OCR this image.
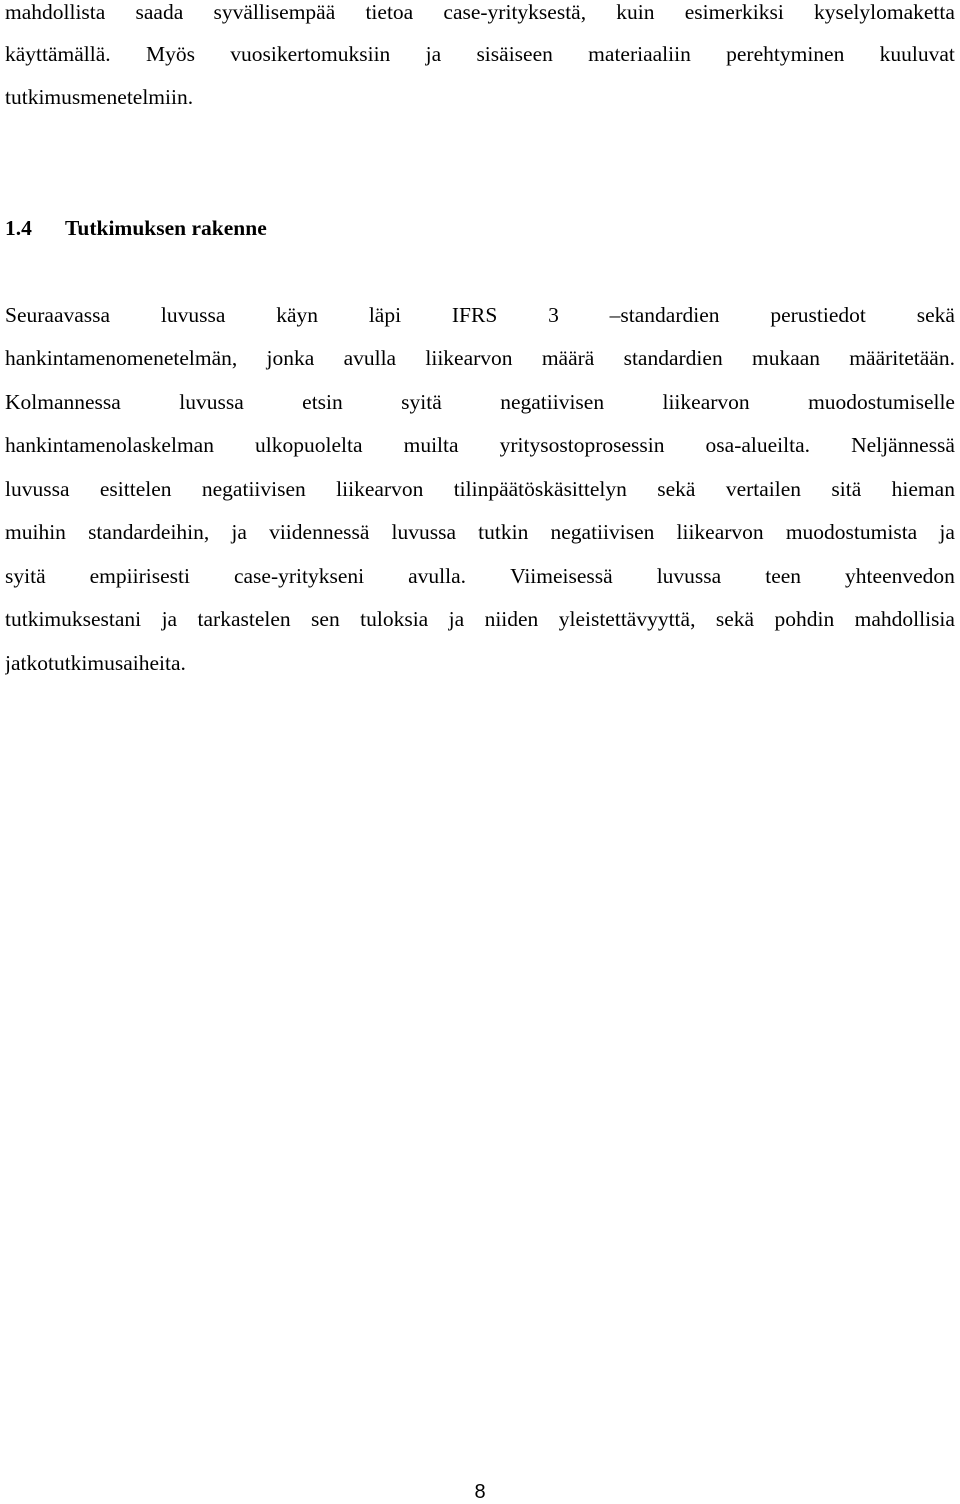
mahdollista saada syvällisempää tietoa case-yrityksestä, kuin esimerkiksi kyselylomaketta
käyttämällä. Myös vuosikertomuksiin ja sisäiseen materiaaliin perehtyminen kuuluvat
tutkimusmenetelmiin.
1.4 Tutkimuksen rakenne
Seuraavassa luvussa käyn läpi IFRS 3 –standardien perustiedot sekä
hankintamenomenetelmän, jonka avulla liikearvon määrä standardien mukaan määritetään.
Kolmannessa	luvussa	etsin	syitä	negatiivisen	liikearvon	muodostumiselle
hankintamenolaskelman ulkopuolelta muilta yritysostoprosessin osa-alueilta. Neljännessä
luvussa esittelen negatiivisen liikearvon tilinpäätöskäsittelyn sekä vertailen sitä hieman
muihin standardeihin, ja viidennessä luvussa tutkin negatiivisen liikearvon muodostumista ja
syitä empiirisesti case-yritykseni avulla. Viimeisessä luvussa teen yhteenvedon
tutkimuksestani ja tarkastelen sen tuloksia ja niiden yleistettävyyttä, sekä pohdin mahdollisia
jatkotutkimusaiheita.
8
